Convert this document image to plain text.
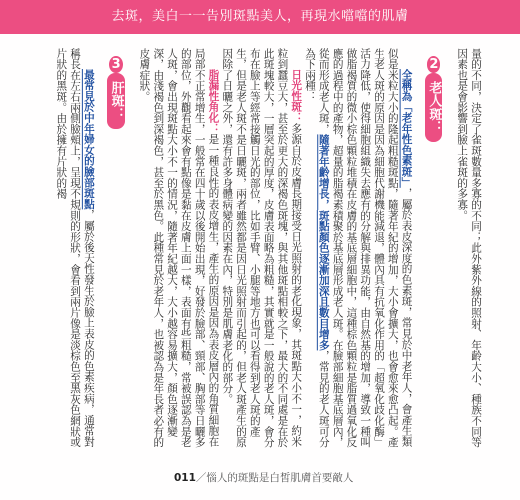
去斑，美白一一告別斑點美人，再現水噹噹的肌膚

量的不同，決定了雀斑數量多寡的不同；此外紫外線的照射、年齡大小、種族不同等因素也是會影響到臉上雀斑的多寡。

2老人斑：

全稱為「老年性色素斑」，屬於表皮深度的色素斑，常見於中老年人，會產生類似是米粒大小的隆起粗糙斑點，隨著年紀的增加，大小會擴大，也會愈來愈凸起。產生老人斑的原因是因為細胞代謝機能減退，體內具有抗氧化作用的「超氧化歧化酶」活力降低，使得細胞組織失去應有的分解與排異功能，由自然基的增加，導致一種叫做脂褐質的微小棕色顆粒堆積在皮膚的基底層細胞中，這種棕色顆粒是脂質過氧化反應的過程中的產物，超量的脂褐素積聚於基底層形成老人斑。在臉部細胞基底層內，從而形成老人斑，隨著年齡增長，斑點顏色逐漸加深且數目增多，常見的老人斑可分為下兩種：

日光性斑：多源自於皮膚長期接受日光照射的老化現象，其斑點大小不一，約米粒到蠶豆大，甚至於更大的深褐色斑塊，與其他斑點相較之下，最大的不同處是在於此斑塊較大，一層突起的厚度，皮膚表面略為粗糙，其實就是一般說的老人斑，會分布在臉上等經常接觸日光的部位，比如手臂、小腿等地方也可以看得到老人斑的產生，但是老人斑不是日曬斑，兩者雖然都是因日光照射而引起的，但老人斑產生的原因除了日曬之外，還有許多身體病變的因素在內，特別是肌膚老化的部分。

脂漏性角化：是一種良性的表皮增生，產生的原因是因為表皮層內的角質細胞在局部不正常增生，一般常在四十歲以後開始出現，好發於臉部、頸部、胸部等日曬多的部位，外觀看起來會有點像是黏在皮膚上面一樣，表面有些粗糙，常被誤認為是老人斑，會出現斑點大小不一的情況，隨著年紀越大，大小越容易擴大，顏色逐漸變深，由淺褐色到深褐色，甚至於黑色。此種常見於老年人，也被認為是年長者必有的皮膚症狀。

3肝斑：

最常見於中年婦女的臉部斑點，屬於後天性發生於臉上表皮的色素疾病，通常對稱長在左右兩側臉頰上，呈現不規則的形狀，會看到兩片像是淡棕色至黑灰色網狀或片狀的黑斑。由於擁有片狀的褐

011／惱人的斑點是白皙肌膚首要敵人
